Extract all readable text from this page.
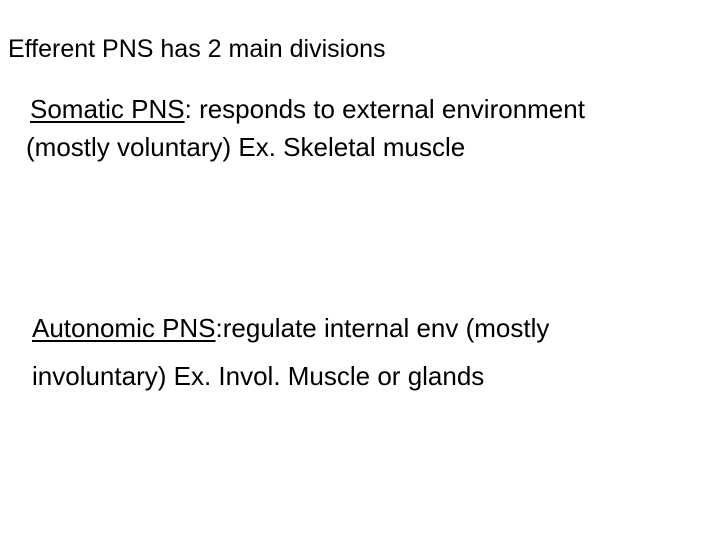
Efferent PNS has 2 main divisions
Somatic PNS: responds to external environment
(mostly voluntary) Ex. Skeletal muscle
Autonomic PNS:regulate internal env (mostly
involuntary) Ex. Invol. Muscle or glands
